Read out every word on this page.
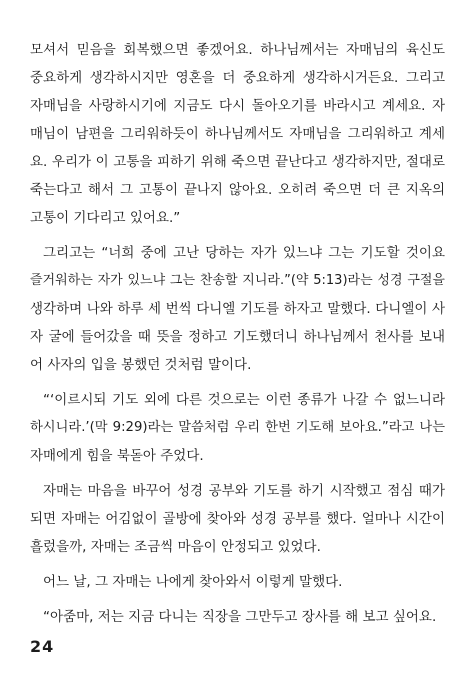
모셔서 믿음을 회복했으면 좋겠어요. 하나님께서는 자매님의 육신도
중요하게 생각하시지만 영혼을 더 중요하게 생각하시거든요. 그리고
자매님을 사랑하시기에 지금도 다시 돌아오기를 바라시고 계세요. 자
매님이 남편을 그리워하듯이 하나님께서도 자매님을 그리워하고 계세
요. 우리가 이 고통을 피하기 위해 죽으면 끝난다고 생각하지만, 절대로
죽는다고 해서 그 고통이 끝나지 않아요. 오히려 죽으면 더 큰 지옥의
고통이 기다리고 있어요.”

그리고는 “너희 중에 고난 당하는 자가 있느냐 그는 기도할 것이요
즐거워하는 자가 있느냐 그는 찬송할 지니라.”(약 5:13)라는 성경 구절을
생각하며 나와 하루 세 번씩 다니엘 기도를 하자고 말했다. 다니엘이 사
자 굴에 들어갔을 때 뜻을 정하고 기도했더니 하나님께서 천사를 보내
어 사자의 입을 봉했던 것처럼 말이다.

“‘이르시되 기도 외에 다른 것으로는 이런 종류가 나갈 수 없느니라
하시니라.’(막 9:29)라는 말씀처럼 우리 한번 기도해 보아요.”라고 나는
자매에게 힘을 북돋아 주었다.

자매는 마음을 바꾸어 성경 공부와 기도를 하기 시작했고 점심 때가
되면 자매는 어김없이 골방에 찾아와 성경 공부를 했다. 얼마나 시간이
흘렀을까, 자매는 조금씩 마음이 안정되고 있었다.

어느 날, 그 자매는 나에게 찾아와서 이렇게 말했다.

“아줌마, 저는 지금 다니는 직장을 그만두고 장사를 해 보고 싶어요.

24
